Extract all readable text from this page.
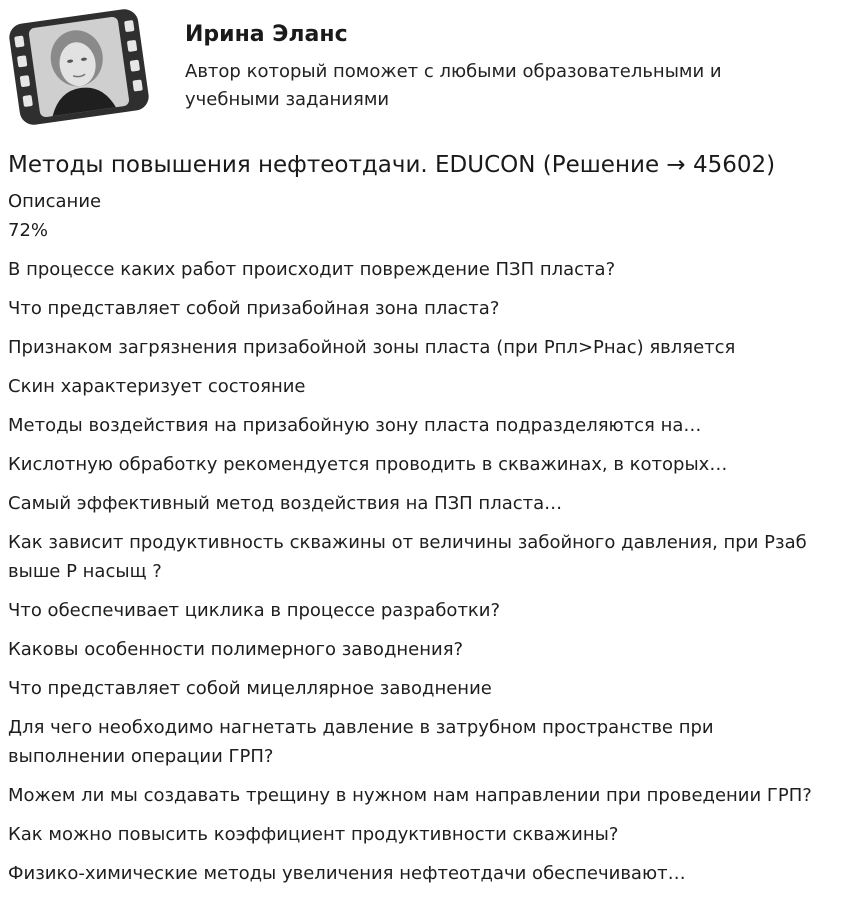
Ирина Эланс
Автор который поможет с любыми образовательными и учебными заданиями
Методы повышения нефтеотдачи. EDUCON (Решение → 45602)
Описание
72%
В процессе каких работ происходит повреждение ПЗП пласта?
Что представляет собой призабойная зона пласта?
Признаком загрязнения призабойной зоны пласта (при Рпл>Рнас) является
Скин характеризует состояние
Методы воздействия на призабойную зону пласта подразделяются на…
Кислотную обработку рекомендуется проводить в скважинах, в которых…
Самый эффективный метод воздействия на ПЗП пласта…
Как зависит продуктивность скважины от величины забойного давления, при Рзаб выше Р насыщ ?
Что обеспечивает циклика в процессе разработки?
Каковы особенности полимерного заводнения?
Что представляет собой мицеллярное заводнение
Для чего необходимо нагнетать давление в затрубном пространстве при выполнении операции ГРП?
Можем ли мы создавать трещину в нужном нам направлении при проведении ГРП?
Как можно повысить коэффициент продуктивности скважины?
Физико-химические методы увеличения нефтеотдачи обеспечивают…
